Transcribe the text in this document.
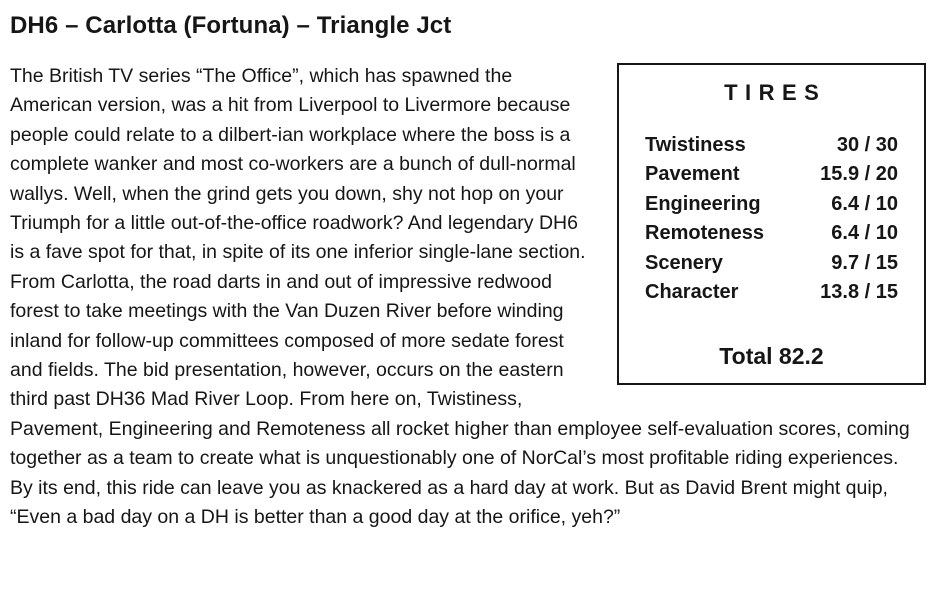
DH6 – Carlotta (Fortuna) – Triangle Jct
TIRES
Twistiness	30 / 30
Pavement	15.9 / 20
Engineering	6.4 / 10
Remoteness	6.4 / 10
Scenery	9.7 / 15
Character	13.8 / 15
Total 82.2

The British TV series “The Office”, which has spawned the American version, was a hit from Liverpool to Livermore because people could relate to a dilbert-ian workplace where the boss is a complete wanker and most co-workers are a bunch of dull-normal wallys. Well, when the grind gets you down, shy not hop on your Triumph for a little out-of-the-office roadwork? And legendary DH6 is a fave spot for that, in spite of its one inferior single-lane section. From Carlotta, the road darts in and out of impressive redwood forest to take meetings with the Van Duzen River before winding inland for follow-up committees composed of more sedate forest and fields. The bid presentation, however, occurs on the eastern third past DH36 Mad River Loop. From here on, Twistiness, Pavement, Engineering and Remoteness all rocket higher than employee self-evaluation scores, coming together as a team to create what is unquestionably one of NorCal’s most profitable riding experiences. By its end, this ride can leave you as knackered as a hard day at work. But as David Brent might quip, “Even a bad day on a DH is better than a good day at the orifice, yeh?”
